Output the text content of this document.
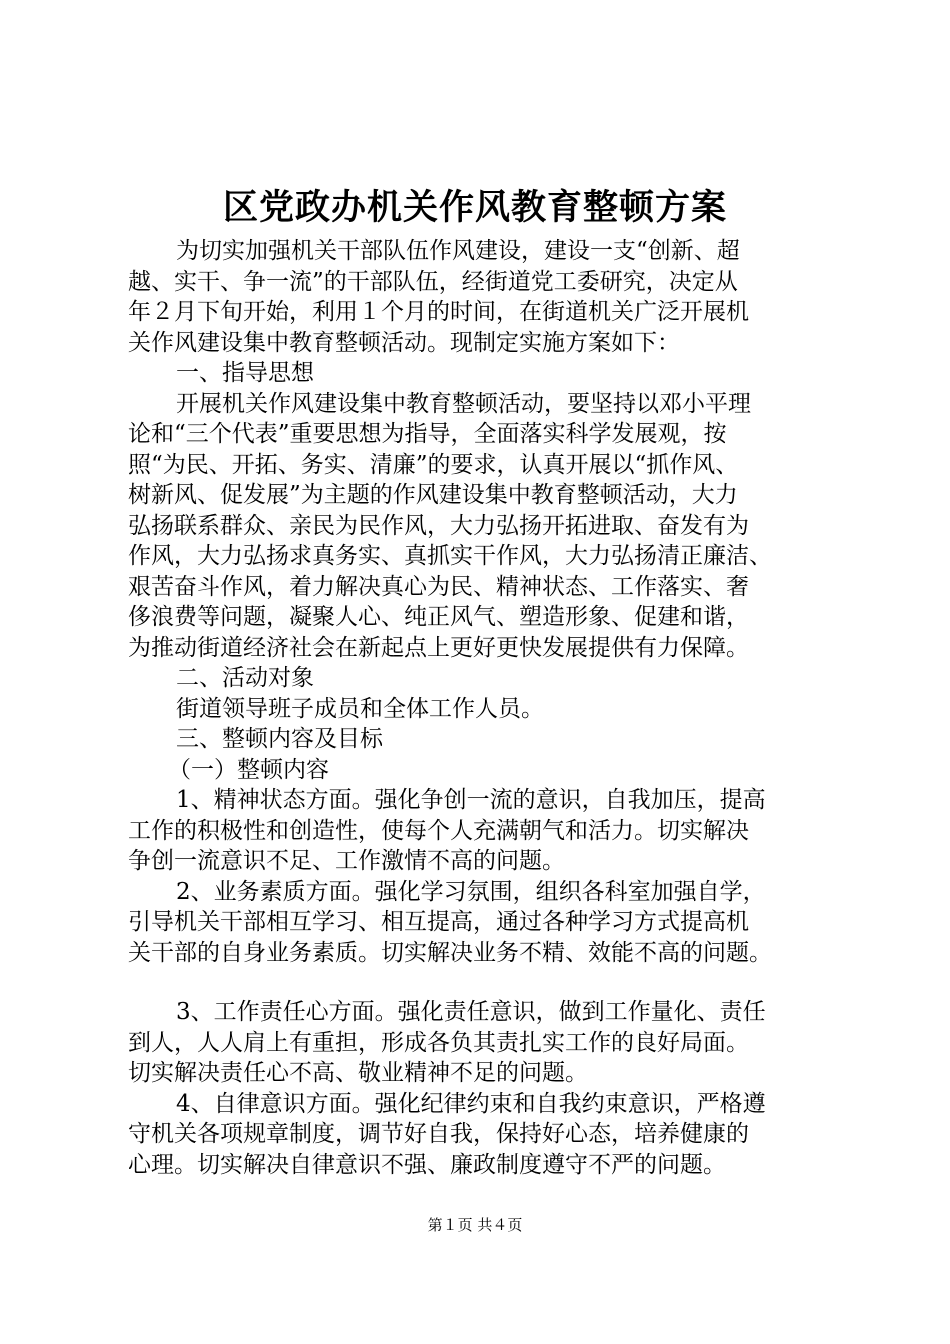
区党政办机关作风教育整顿方案
为切实加强机关干部队伍作风建设，建设一支“创新、超
越、实干、争一流”的干部队伍，经街道党工委研究，决定从
年２月下旬开始，利用１个月的时间，在街道机关广泛开展机
关作风建设集中教育整顿活动。现制定实施方案如下：
一、指导思想
开展机关作风建设集中教育整顿活动，要坚持以邓小平理
论和“三个代表”重要思想为指导，全面落实科学发展观，按
照“为民、开拓、务实、清廉”的要求，认真开展以“抓作风、
树新风、促发展”为主题的作风建设集中教育整顿活动，大力
弘扬联系群众、亲民为民作风，大力弘扬开拓进取、奋发有为
作风，大力弘扬求真务实、真抓实干作风，大力弘扬清正廉洁、
艰苦奋斗作风，着力解决真心为民、精神状态、工作落实、奢
侈浪费等问题，凝聚人心、纯正风气、塑造形象、促建和谐，
为推动街道经济社会在新起点上更好更快发展提供有力保障。
二、活动对象
街道领导班子成员和全体工作人员。
三、整顿内容及目标
（一）整顿内容
1、精神状态方面。强化争创一流的意识，自我加压，提高
工作的积极性和创造性，使每个人充满朝气和活力。切实解决
争创一流意识不足、工作激情不高的问题。
2、业务素质方面。强化学习氛围，组织各科室加强自学，
引导机关干部相互学习、相互提高，通过各种学习方式提高机
关干部的自身业务素质。切实解决业务不精、效能不高的问题。
3、工作责任心方面。强化责任意识，做到工作量化、责任
到人，人人肩上有重担，形成各负其责扎实工作的良好局面。
切实解决责任心不高、敬业精神不足的问题。
4、自律意识方面。强化纪律约束和自我约束意识，严格遵
守机关各项规章制度，调节好自我，保持好心态，培养健康的
心理。切实解决自律意识不强、廉政制度遵守不严的问题。
第１页 共４页
